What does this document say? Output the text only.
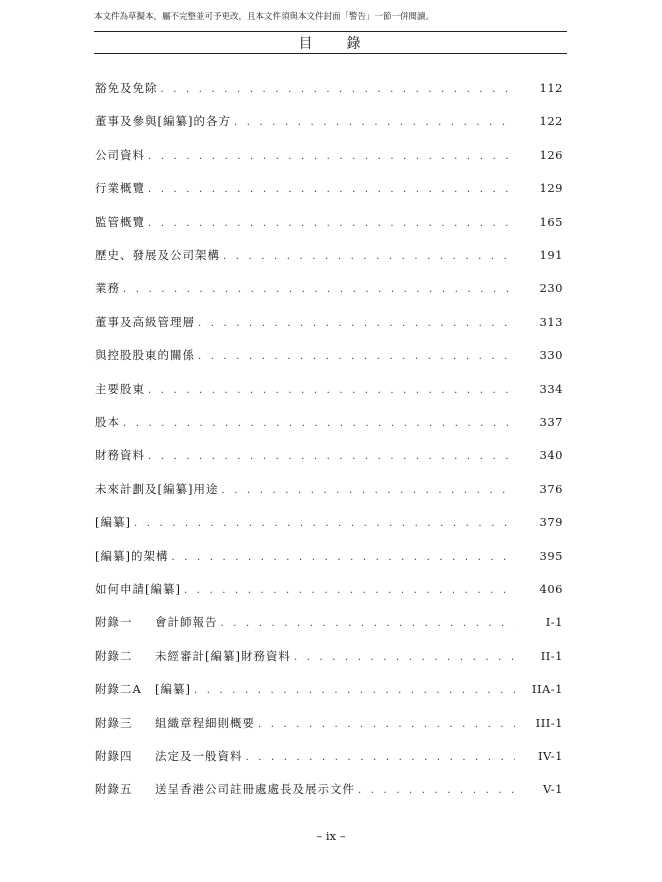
本文件為草擬本，屬不完整並可予更改，且本文件須與本文件封面「警告」一節一併閱讀。
目　　錄
豁免及免除 . . .	112
董事及參與[編纂]的各方 . . .	122
公司資料 . . .	126
行業概覽 . . .	129
監管概覽 . . .	165
歷史、發展及公司架構 . . .	191
業務 . . .	230
董事及高級管理層 . . .	313
與控股股東的關係 . . .	330
主要股東 . . .	334
股本 . . .	337
財務資料 . . .	340
未來計劃及[編纂]用途 . . .	376
[編纂] . . .	379
[編纂]的架構 . . .	395
如何申請[編纂] . . .	406
附錄一	會計師報告 . . .	I-1
附錄二	未經審計[編纂]財務資料 . . .	II-1
附錄二A	[編纂] . . .	IIA-1
附錄三	組織章程細則概要 . . .	III-1
附錄四	法定及一般資料 . . .	IV-1
附錄五	送呈香港公司註冊處處長及展示文件 . . .	V-1
– ix –
